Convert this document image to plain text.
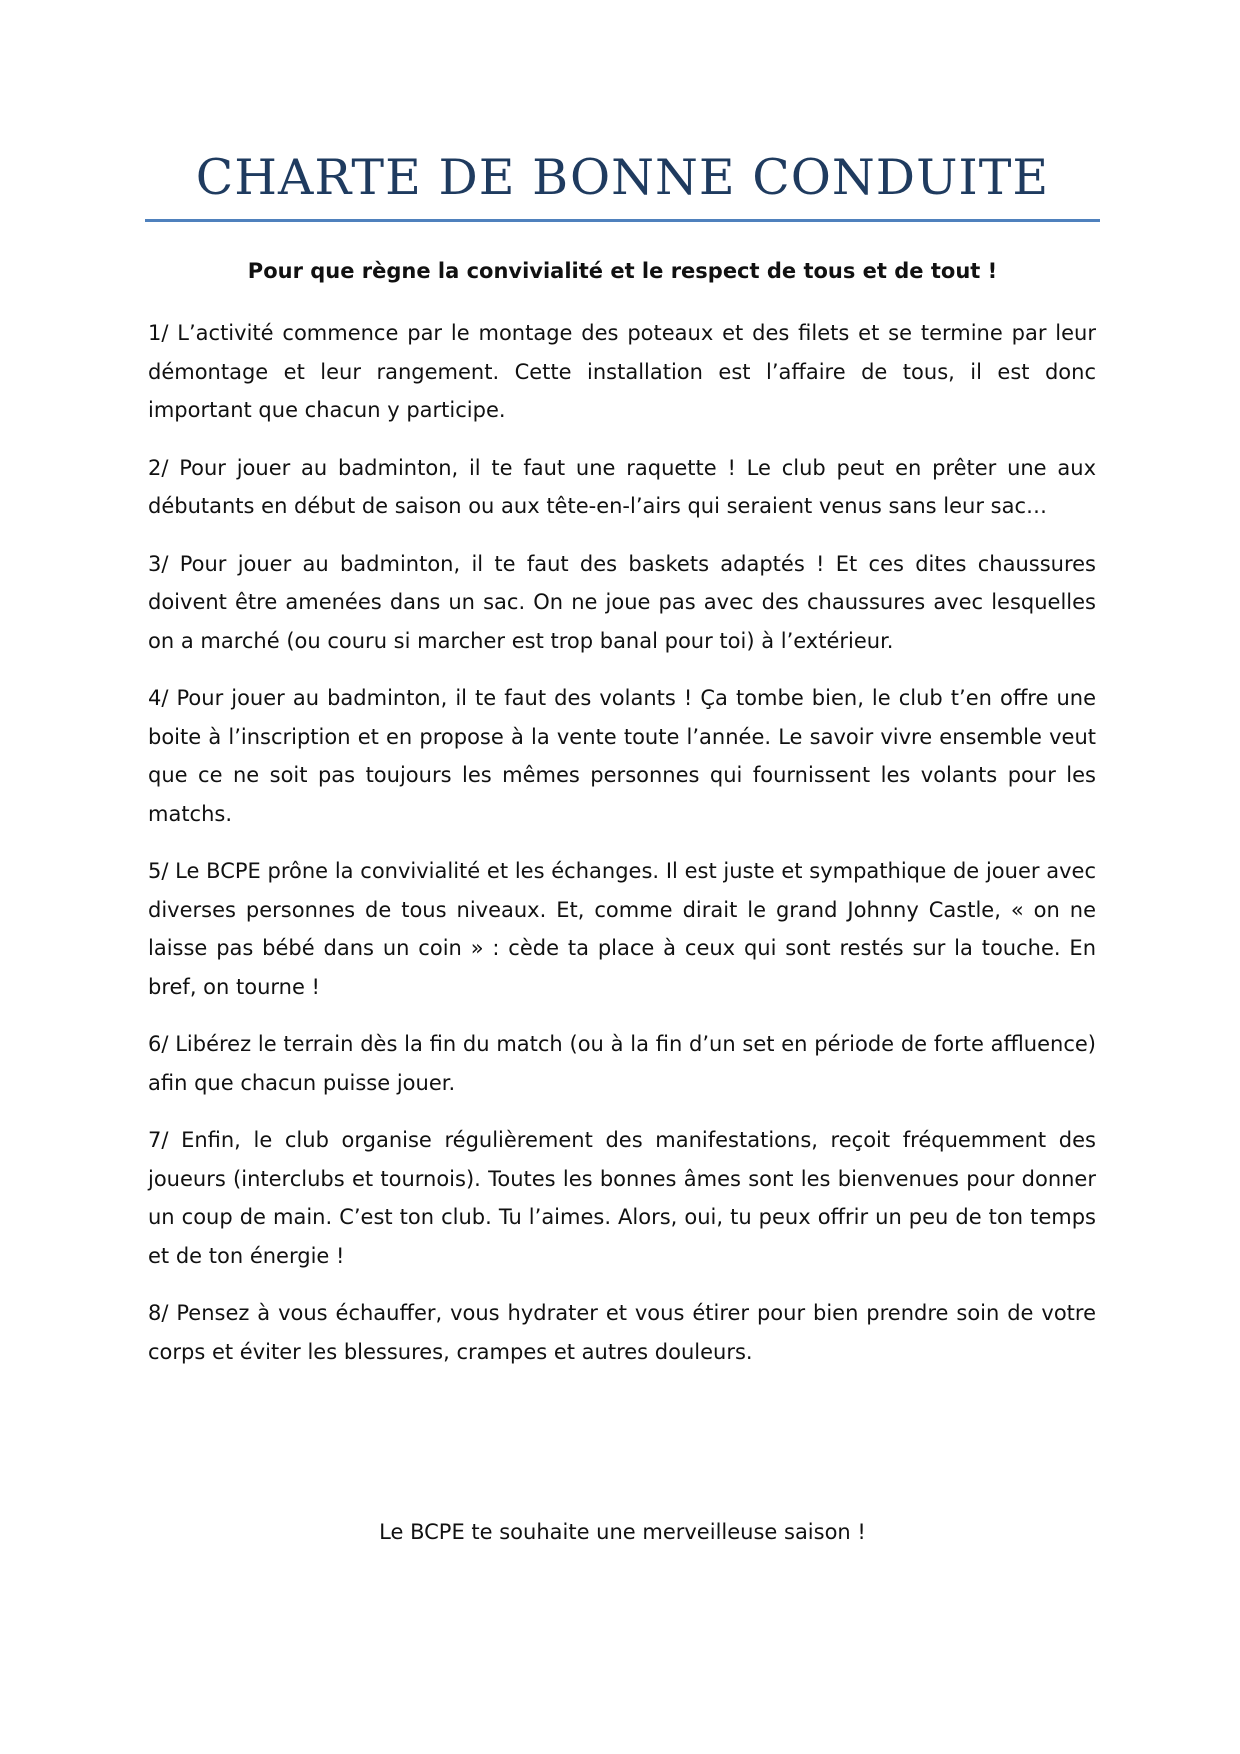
CHARTE DE BONNE CONDUITE

Pour que règne la convivialité et le respect de tous et de tout !

1/ L’activité commence par le montage des poteaux et des filets et se termine par leur démontage et leur rangement. Cette installation est l’affaire de tous, il est donc important que chacun y participe.
2/ Pour jouer au badminton, il te faut une raquette ! Le club peut en prêter une aux débutants en début de saison ou aux tête-en-l’airs qui seraient venus sans leur sac…
3/ Pour jouer au badminton, il te faut des baskets adaptés ! Et ces dites chaussures doivent être amenées dans un sac. On ne joue pas avec des chaussures avec lesquelles on a marché (ou couru si marcher est trop banal pour toi) à l’extérieur.
4/ Pour jouer au badminton, il te faut des volants ! Ça tombe bien, le club t’en offre une boite à l’inscription et en propose à la vente toute l’année. Le savoir vivre ensemble veut que ce ne soit pas toujours les mêmes personnes qui fournissent les volants pour les matchs.
5/ Le BCPE prône la convivialité et les échanges. Il est juste et sympathique de jouer avec diverses personnes de tous niveaux. Et, comme dirait le grand Johnny Castle, « on ne laisse pas bébé dans un coin » : cède ta place à ceux qui sont restés sur la touche. En bref, on tourne !
6/ Libérez le terrain dès la fin du match (ou à la fin d’un set en période de forte affluence) afin que chacun puisse jouer.
7/ Enfin, le club organise régulièrement des manifestations, reçoit fréquemment des joueurs (interclubs et tournois). Toutes les bonnes âmes sont les bienvenues pour donner un coup de main. C’est ton club. Tu l’aimes. Alors, oui, tu peux offrir un peu de ton temps et de ton énergie !
8/ Pensez à vous échauffer, vous hydrater et vous étirer pour bien prendre soin de votre corps et éviter les blessures, crampes et autres douleurs.

Le BCPE te souhaite une merveilleuse saison !
